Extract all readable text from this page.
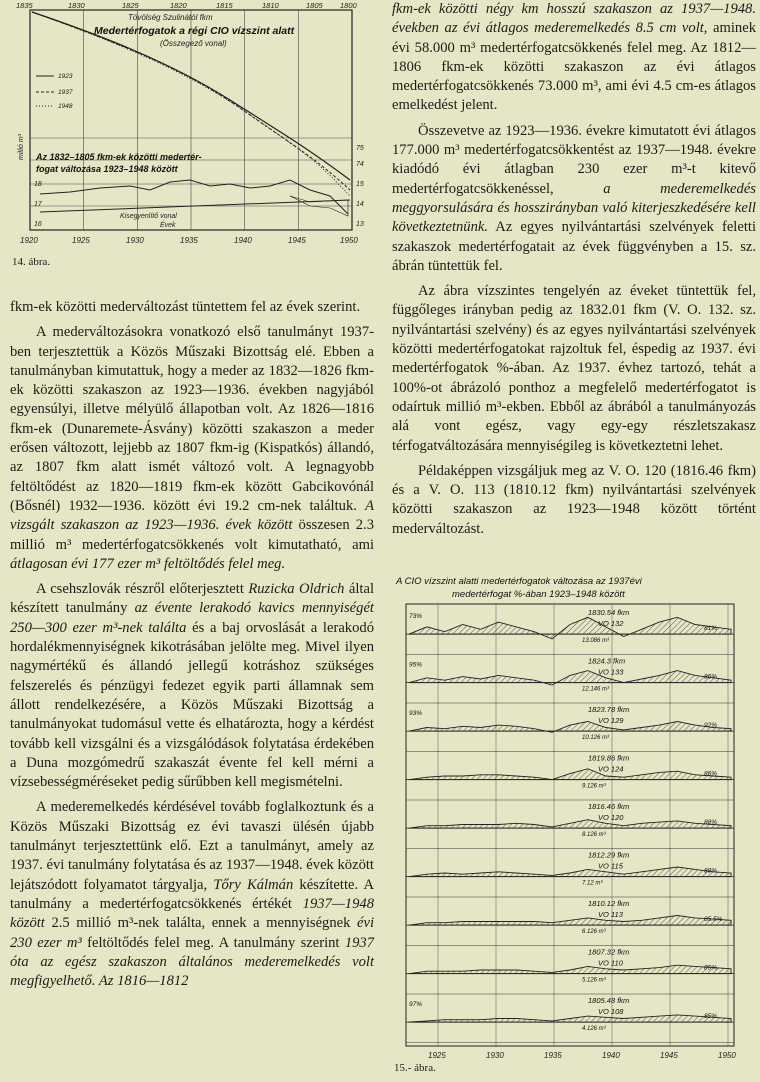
1835	1830	1825	1820	1815	1810	1805 1800
1920	1925	1930	1935	1940	1945	1950
Tövölség Szulinától fkm
Medertérfogatok a régi CIO vízszint alatt
(Összegező vonal)
1923
1937
1948
millió m³	75
74
15
14
13
18
17
16
Az 1832–1805 fkm-ek közötti medertér-
fogat változása 1923–1948 között
Kisegyenlítő vonal
Évek
14. ábra.

fkm-ek közötti mederváltozást tüntettem fel az évek szerint.

A mederváltozásokra vonatkozó első tanulmányt 1937-ben terjesztettük a Közös Műszaki Bizottság elé. Ebben a tanulmányban kimutattuk, hogy a meder az 1832—1826 fkm-ek közötti szakaszon az 1923—1936. években nagyjából egyensúlyi, illetve mélyülő állapotban volt. Az 1826—1816 fkm-ek (Dunaremete-Ásvány) közötti szakaszon a meder erősen változott, lejjebb az 1807 fkm-ig (Kispatkós) állandó, az 1807 fkm alatt ismét változó volt. A legnagyobb feltöltődést az 1820—1819 fkm-ek között Gabcikovónál (Bősnél) 1932—1936. között évi 19.2 cm-nek találtuk. A vizsgált szakaszon az 1923—1936. évek között összesen 2.3 millió m³ medertérfogatcsökkenés volt kimutatható, ami átlagosan évi 177 ezer m³ feltöltődés felel meg.

A csehszlovák részről előterjesztett Ruzicka Oldrich által készített tanulmány az évente lerakodó kavics mennyiségét 250—300 ezer m³-nek találta és a baj orvoslását a lerakodó hordalékmennyiségnek kikotrásában jelölte meg. Mivel ilyen nagymértékű és állandó jellegű kotráshoz szükséges felszerelés és pénzügyi fedezet egyik parti államnak sem állott rendelkezésére, a Közös Műszaki Bizottság a tanulmányokat tudomásul vette és elhatározta, hogy a kérdést tovább kell vizsgálni és a vizsgálódások folytatása érdekében a Duna mozgómedrű szakaszát évente fel kell mérni a vízsebességméréseket pedig sűrűbben kell megismételni.

A mederemelkedés kérdésével tovább foglalkoztunk és a Közös Műszaki Bizottság ez évi tavaszi ülésén újabb tanulmányt terjesztettünk elő. Ezt a tanulmányt, amely az 1937. évi tanulmány folytatása és az 1937—1948. évek között lejátszódott folyamatot tárgyalja, Tőry Kálmán készítette. A tanulmány a medertérfogatcsökkenés értékét 1937—1948 között 2.5 millió m³-nek találta, ennek a mennyiségnek évi 230 ezer m³ feltöltődés felel meg. A tanulmány szerint 1937 óta az egész szakaszon általános mederemelkedés volt megfigyelhető. Az 1816—1812

fkm-ek közötti négy km hosszú szakaszon az 1937—1948. években az évi átlagos mederemelkedés 8.5 cm volt, aminek évi 58.000 m³ medertérfogatcsökkenés felel meg. Az 1812—1806 fkm-ek közötti szakaszon az évi átlagos medertérfogatcsökkenés 73.000 m³, ami évi 4.5 cm-es átlagos emelkedést jelent.

Összevetve az 1923—1936. évekre kimutatott évi átlagos 177.000 m³ medertérfogatcsökkentést az 1937—1948. évekre kiadódó évi átlagban 230 ezer m³-t kitevő medertérfogatcsökkenéssel,	a mederemelkedés meggyorsulására és hosszirányban való kiterjeszkedésére kell következtetnünk. Az egyes nyilvántartási szelvények feletti szakaszok medertérfogatait az évek függvényben a 15. sz. ábrán tüntettük fel.

Az ábra vízszintes tengelyén az éveket tüntettük fel, függőleges irányban pedig az 1832.01 fkm (V. O. 132. sz. nyilvántartási szelvény) és az egyes nyilvántartási szelvények közötti medertérfogatokat rajzoltuk fel, éspedig az 1937. évi medertérfogatok %-ában. Az 1937. évhez tartozó, tehát a 100%-ot ábrázoló ponthoz a megfelelő medertérfogatot is odaírtuk millió m³-ekben. Ebből az ábrából a tanulmányozás alá vont egész, vagy egy-egy részletszakasz térfogatváltozására mennyiségileg is következtetni lehet.

Példaképpen vizsgáljuk meg az V. O. 120 (1816.46 fkm) és a V. O. 113 (1810.12 fkm) nyilvántartási szelvények közötti szakaszon az 1923—1948 között történt mederváltozást.

A CIO vízszint alatti medertérfogatok változása az 1937évi
medertérfogat %-ában 1923–1948 között
1830.54 fkm
VO 132
13.086 m³
73%
81%
1824.3 fkm
VO 133
12.146 m³
95%
86%
1823.78 fkm
VO 129
10.126 m³
93%
92%
1819.86 fkm
VO 124
9.126 m³
86%
1816.46 fkm
VO 120
8.126 m³
88%
1812.29 fkm
VO 115
7.12 m³
88%
1810.12 fkm
VO 113
6.126 m³
85.5%
1807.32 fkm
VO 110
5.126 m³
85%
1805.48 fkm
VO 108
4.126 m³
97%
85%
1925	1930	1935	1940	1945	1950
15.- ábra.
